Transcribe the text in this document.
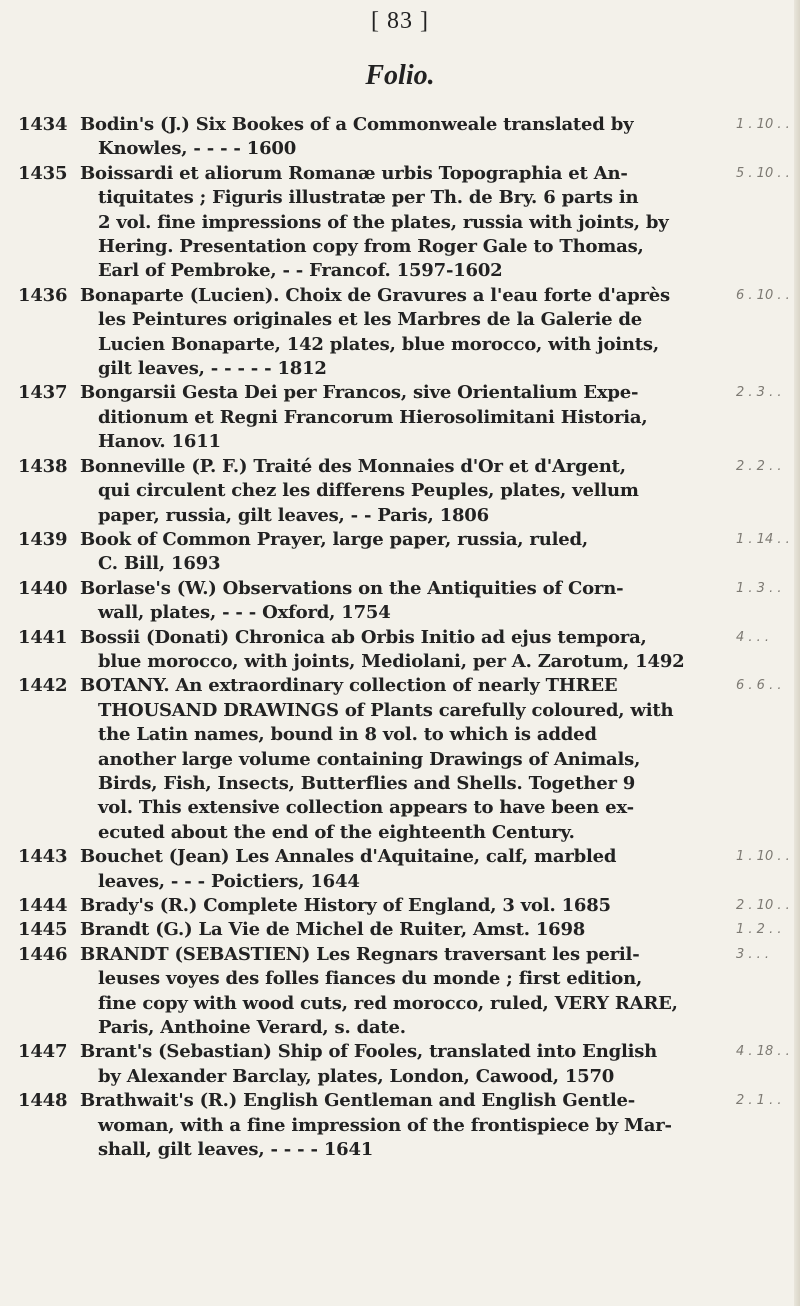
[ 83 ]
Folio.
1 . 10 . .
1434 Bodin's (J.) Six Bookes of a Commonweale translated by
Knowles, - - - - 1600
5 . 10 . .
1435 Boissardi et aliorum Romanæ urbis Topographia et An-
tiquitates ; Figuris illustratæ per Th. de Bry. 6 parts in
2 vol. fine impressions of the plates, russia with joints, by
Hering. Presentation copy from Roger Gale to Thomas,
Earl of Pembroke, - - Francof. 1597-1602
6 . 10 . .
1436 Bonaparte (Lucien). Choix de Gravures a l'eau forte d'après
les Peintures originales et les Marbres de la Galerie de
Lucien Bonaparte, 142 plates, blue morocco, with joints,
gilt leaves, - - - - - 1812
2 . 3 . .
1437 Bongarsii Gesta Dei per Francos, sive Orientalium Expe-
ditionum et Regni Francorum Hierosolimitani Historia,
Hanov. 1611
2 . 2 . .
1438 Bonneville (P. F.) Traité des Monnaies d'Or et d'Argent,
qui circulent chez les differens Peuples, plates, vellum
paper, russia, gilt leaves, - - Paris, 1806
1 . 14 . .
1439 Book of Common Prayer, large paper, russia, ruled,
C. Bill, 1693
1 . 3 . .
1440 Borlase's (W.) Observations on the Antiquities of Corn-
wall, plates, - - - Oxford, 1754
4 . . .
1441 Bossii (Donati) Chronica ab Orbis Initio ad ejus tempora,
blue morocco, with joints, Mediolani, per A. Zarotum, 1492
6 . 6 . .
1442 BOTANY. An extraordinary collection of nearly THREE
THOUSAND DRAWINGS of Plants carefully coloured, with
the Latin names, bound in 8 vol. to which is added
another large volume containing Drawings of Animals,
Birds, Fish, Insects, Butterflies and Shells. Together 9
vol. This extensive collection appears to have been ex-
ecuted about the end of the eighteenth Century.
1 . 10 . .
1443 Bouchet (Jean) Les Annales d'Aquitaine, calf, marbled
leaves, - - - Poictiers, 1644
2 . 10 . .
1444 Brady's (R.) Complete History of England, 3 vol. 1685
1 . 2 . .
1445 Brandt (G.) La Vie de Michel de Ruiter, Amst. 1698
3 . . .
1446 BRANDT (SEBASTIEN) Les Regnars traversant les peril-
leuses voyes des folles fiances du monde ; first edition,
fine copy with wood cuts, red morocco, ruled, VERY RARE,
Paris, Anthoine Verard, s. date.
4 . 18 . .
1447 Brant's (Sebastian) Ship of Fooles, translated into English
by Alexander Barclay, plates, London, Cawood, 1570
2 . 1 . .
1448 Brathwait's (R.) English Gentleman and English Gentle-
woman, with a fine impression of the frontispiece by Mar-
shall, gilt leaves, - - - - 1641
